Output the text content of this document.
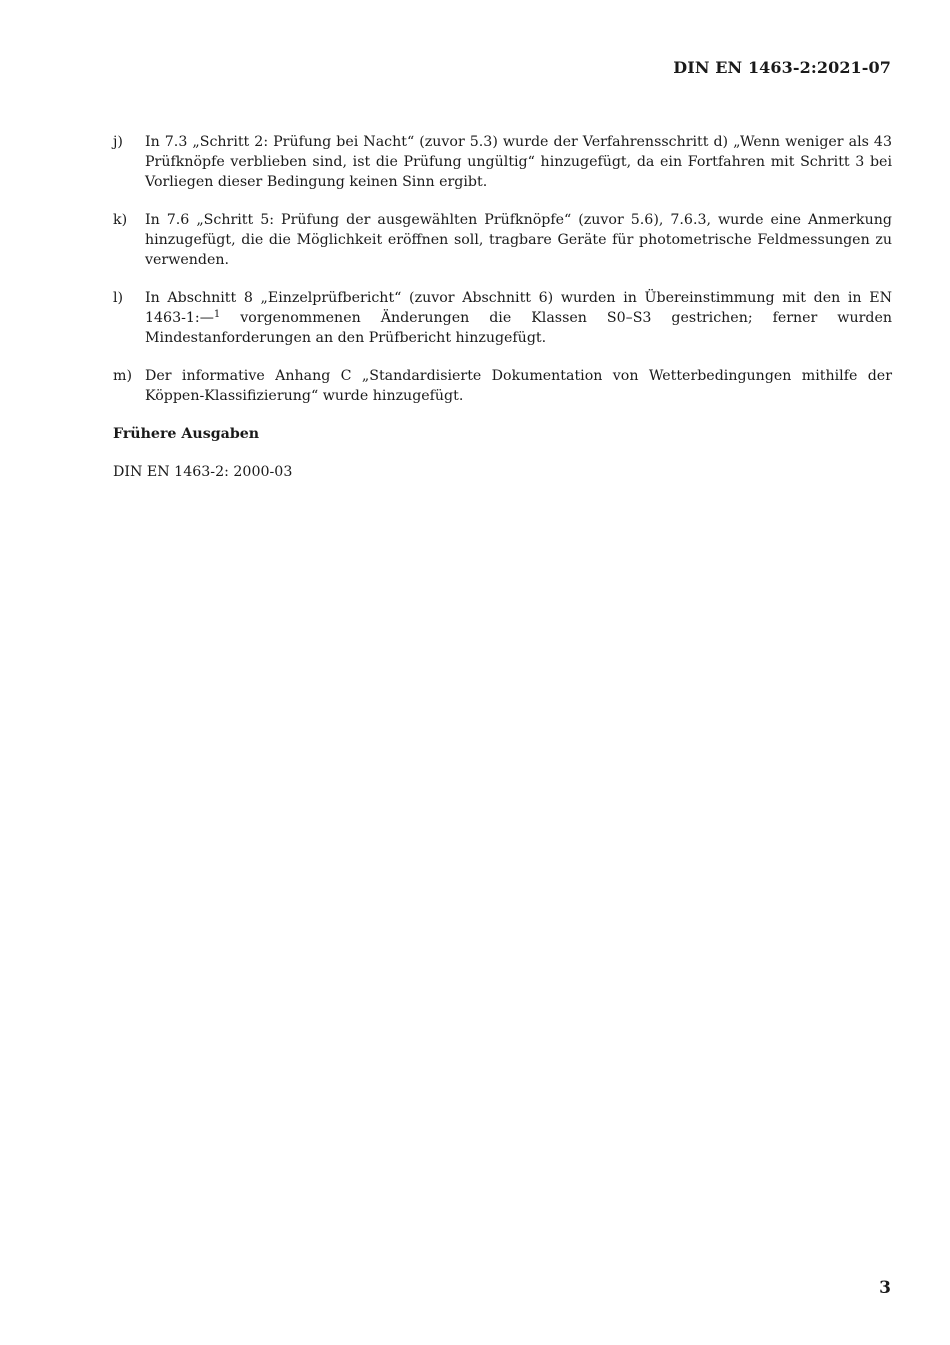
DIN EN 1463-2:2021-07
j)	In 7.3 „Schritt 2: Prüfung bei Nacht“ (zuvor 5.3) wurde der Verfahrensschritt d) „Wenn weniger als 43 Prüfknöpfe verblieben sind, ist die Prüfung ungültig“ hinzugefügt, da ein Fortfahren mit Schritt 3 bei Vorliegen dieser Bedingung keinen Sinn ergibt.
k)	In 7.6 „Schritt 5: Prüfung der ausgewählten Prüfknöpfe“ (zuvor 5.6), 7.6.3, wurde eine Anmerkung hinzugefügt, die die Möglichkeit eröffnen soll, tragbare Geräte für photometrische Feldmessungen zu verwenden.
l)	In Abschnitt 8 „Einzelprüfbericht“ (zuvor Abschnitt 6) wurden in Übereinstimmung mit den in EN 1463-1:—$^1$ vorgenommenen Änderungen die Klassen S0–S3 gestrichen; ferner wurden Mindestanforderungen an den Prüfbericht hinzugefügt.
m) Der informative Anhang C „Standardisierte Dokumentation von Wetterbedingungen mithilfe der Köppen-Klassifizierung“ wurde hinzugefügt.
Frühere Ausgaben
DIN EN 1463-2: 2000-03
3
